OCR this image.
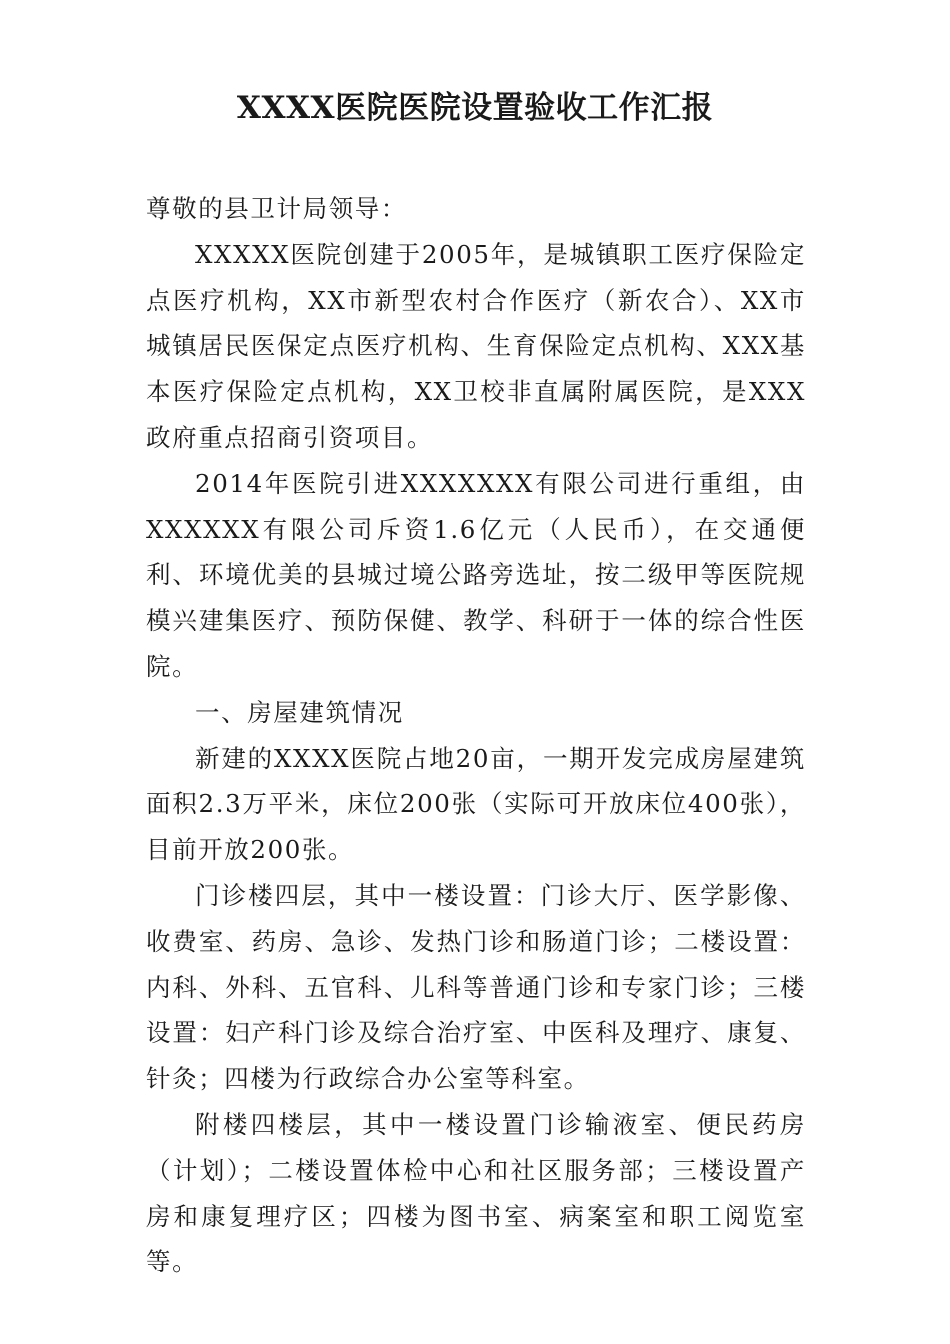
XXXX医院医院设置验收工作汇报

尊敬的县卫计局领导：

XXXXX医院创建于2005年，是城镇职工医疗保险定点医疗机构，XX市新型农村合作医疗（新农合）、XX市城镇居民医保定点医疗机构、生育保险定点机构、XXX基本医疗保险定点机构，XX卫校非直属附属医院，是XXX政府重点招商引资项目。

2014年医院引进XXXXXXX有限公司进行重组，由XXXXXX有限公司斥资1.6亿元（人民币），在交通便利、环境优美的县城过境公路旁选址，按二级甲等医院规模兴建集医疗、预防保健、教学、科研于一体的综合性医院。

一、房屋建筑情况

新建的XXXX医院占地20亩，一期开发完成房屋建筑面积2.3万平米，床位200张（实际可开放床位400张），目前开放200张。

门诊楼四层，其中一楼设置：门诊大厅、医学影像、收费室、药房、急诊、发热门诊和肠道门诊；二楼设置：内科、外科、五官科、儿科等普通门诊和专家门诊；三楼设置：妇产科门诊及综合治疗室、中医科及理疗、康复、针灸；四楼为行政综合办公室等科室。

附楼四楼层，其中一楼设置门诊输液室、便民药房（计划）；二楼设置体检中心和社区服务部；三楼设置产房和康复理疗区；四楼为图书室、病案室和职工阅览室等。
